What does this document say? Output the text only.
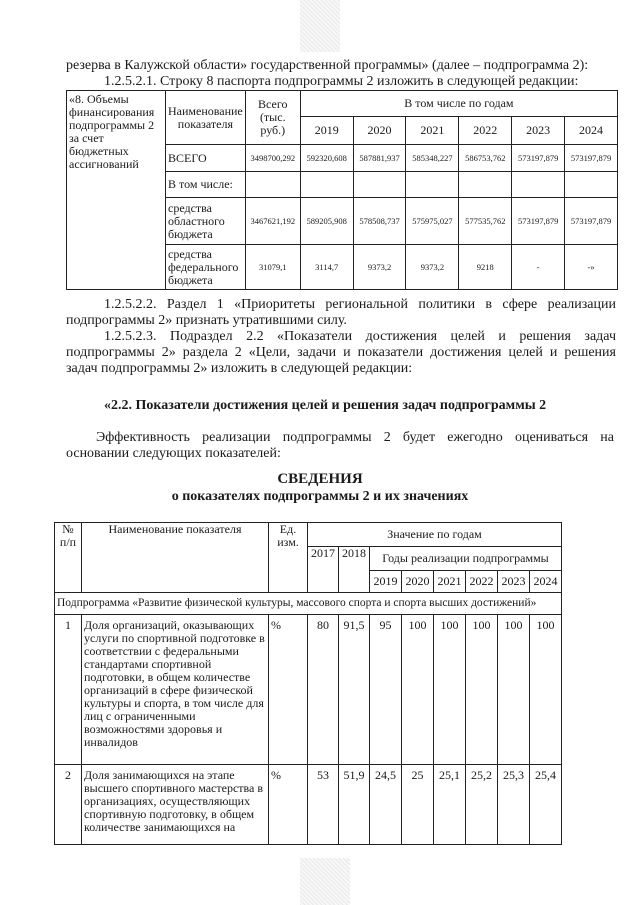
резерва в Калужской области» государственной программы» (далее – подпрограмма 2):
1.2.5.2.1. Строку 8 паспорта подпрограммы 2 изложить в следующей редакции:
«8. Объемы финансирования подпрограммы 2 за счет бюджетных ассигнований	Наименование показателя	Всего (тыс. руб.)	В том числе по годам					
			2019	2020	2021	2022	2023	2024
	ВСЕГО	3498700,292	592320,608	587881,937	585348,227	586753,762	573197,879	573197,879
	В том числе:							
	средства областного бюджета	3467621,192	589205,908	578508,737	575975,027	577535,762	573197,879	573197,879
	средства федерального бюджета	31079,1	3114,7	9373,2	9373,2	9218	-	-»
1.2.5.2.2. Раздел 1 «Приоритеты региональной политики в сфере реализации
подпрограммы 2» признать утратившими силу.
1.2.5.2.3. Подраздел 2.2 «Показатели достижения целей и решения задач
подпрограммы 2» раздела 2 «Цели, задачи и показатели достижения целей и решения
задач подпрограммы 2» изложить в следующей редакции:
«2.2. Показатели достижения целей и решения задач подпрограммы 2
Эффективность реализации подпрограммы 2 будет ежегодно оцениваться на
основании следующих показателей:
СВЕДЕНИЯ
о показателях подпрограммы 2 и их значениях
№ п/п	Наименование показателя	Ед. изм.	Значение по годам							
			2017	2018	Годы реализации подпрограммы					
					2019	2020	2021	2022	2023	2024
Подпрограмма «Развитие физической культуры, массового спорта и спорта высших достижений»										
1	Доля организаций, оказывающих услуги по спортивной подготовке в соответствии с федеральными стандартами спортивной подготовки, в общем количестве организаций в сфере физической культуры и спорта, в том числе для лиц с ограниченными возможностями здоровья и инвалидов	%	80	91,5	95	100	100	100	100	100
2	Доля занимающихся на этапе высшего спортивного мастерства в организациях, осуществляющих спортивную подготовку, в общем количестве занимающихся на	%	53	51,9	24,5	25	25,1	25,2	25,3	25,4
